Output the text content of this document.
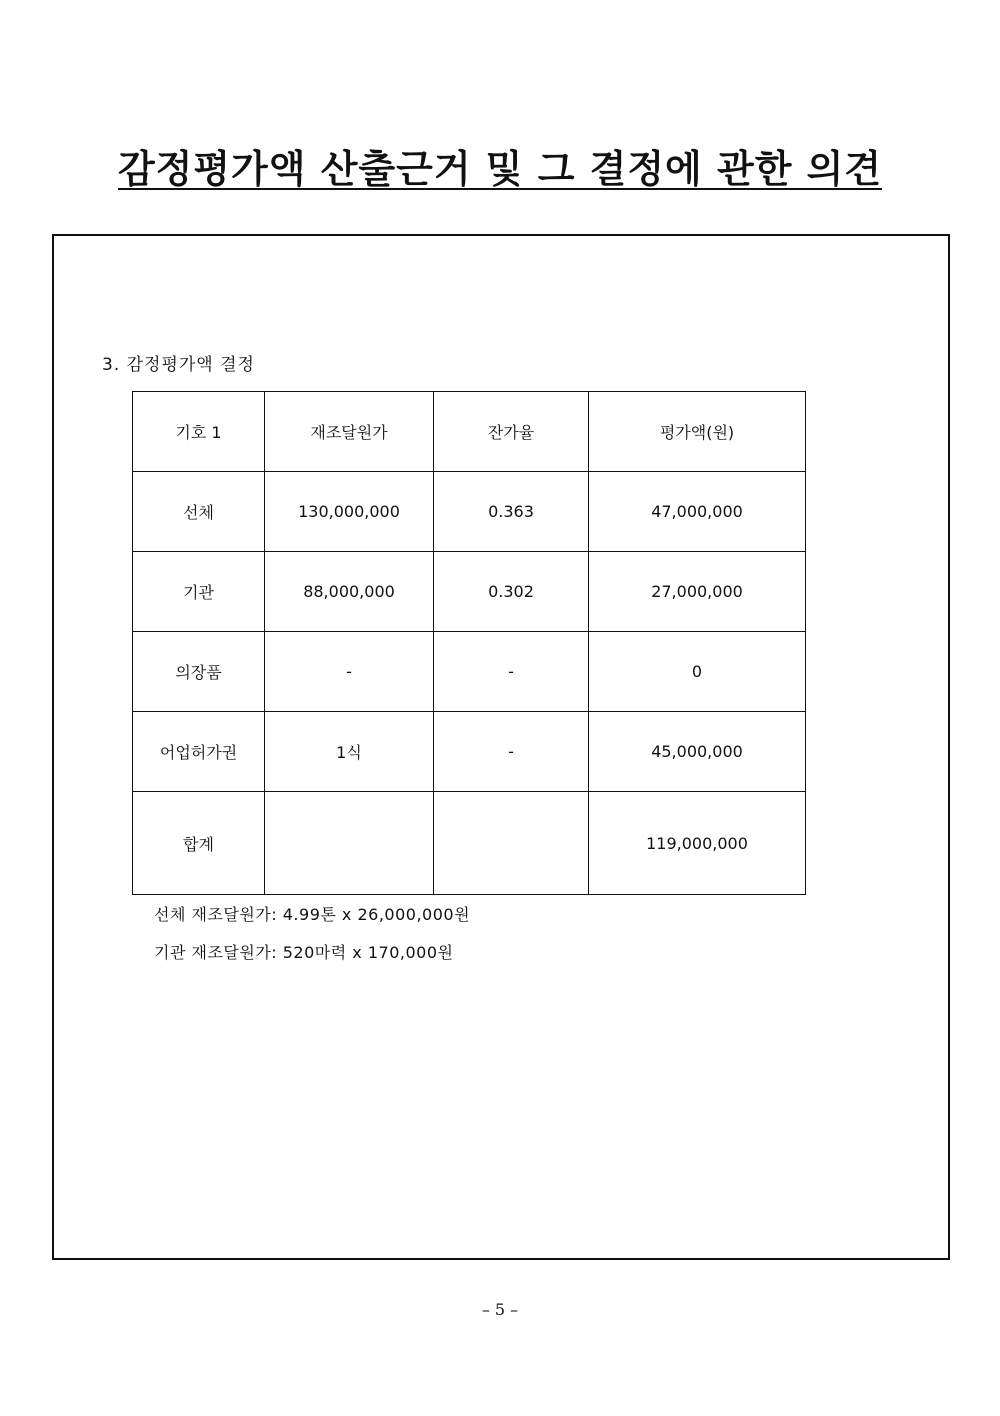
감정평가액 산출근거 및 그 결정에 관한 의견
3. 감정평가액 결정
기호 1	재조달원가	잔가율	평가액(원)
선체	130,000,000	0.363	47,000,000
기관	88,000,000	0.302	27,000,000
의장품	-	-	0
어업허가권	1식	-	45,000,000
합계			119,000,000
선체 재조달원가: 4.99톤 x 26,000,000원
기관 재조달원가: 520마력 x 170,000원
– 5 –
